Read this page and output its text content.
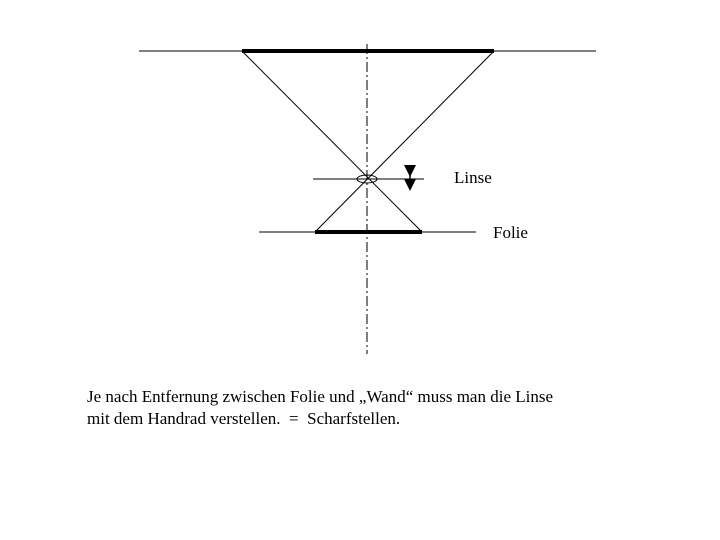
Linse
Folie

Je nach Entfernung zwischen Folie und „Wand“ muss man die Linse
mit dem Handrad verstellen.  =  Scharfstellen.
